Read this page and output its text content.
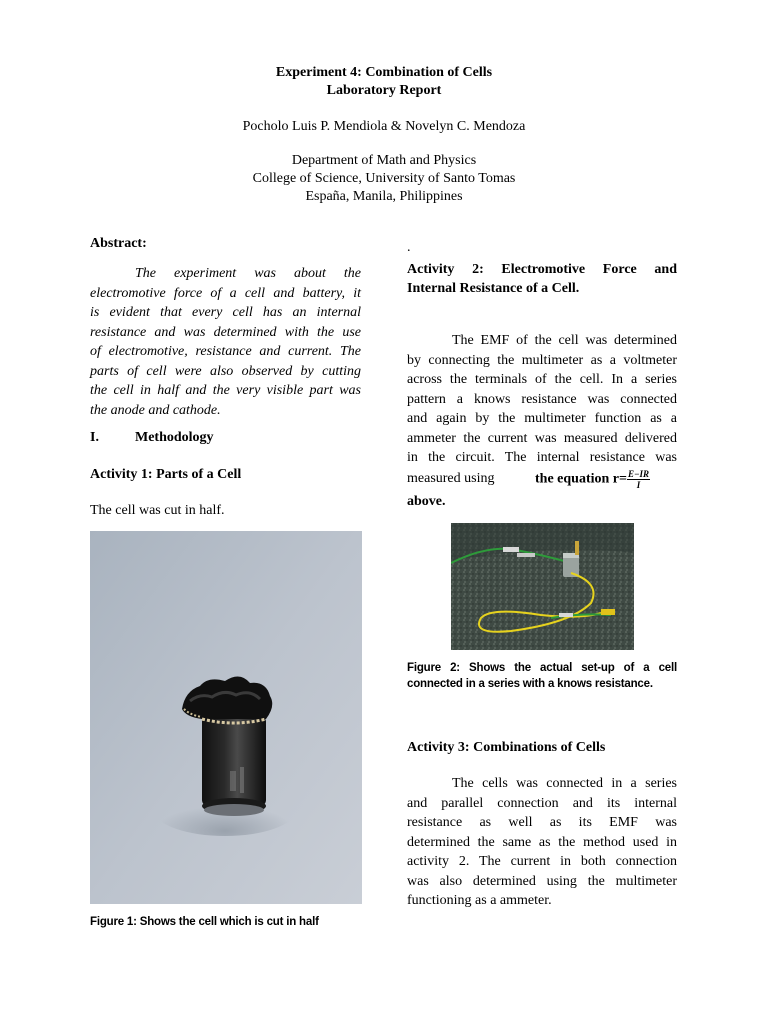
Experiment 4: Combination of Cells
Laboratory Report
Pocholo Luis P. Mendiola & Novelyn C. Mendoza
Department of Math and Physics
College of Science, University of Santo Tomas
España, Manila, Philippines
Abstract:
The experiment was about the
electromotive force of a cell and battery, it
is evident that every cell has an internal
resistance and was determined with the use
of electromotive, resistance and current. The
parts of cell were also observed by cutting
the cell in half and the very visible part was
the anode and cathode.
I.	Methodology
Activity 1: Parts of a Cell
The cell was cut in half.
Figure 1: Shows the cell which is cut in half
.
Activity 2: Electromotive Force and
Internal Resistance of a Cell.
The EMF of the cell was determined
by connecting the multimeter as a voltmeter
across the terminals of the cell. In a series
pattern a knows resistance was connected
and again by the multimeter function as a
ammeter the current was measured delivered
in the circuit. The internal resistance was
measured using	the equation $r= \frac{E-IR}{I}$
above.
Figure 2: Shows the actual set-up of a cell
connected in a series with a knows resistance.
Activity 3: Combinations of Cells
The cells was connected in a series
and parallel connection and its internal
resistance as well as its EMF was
determined the same as the method used in
activity 2. The current in both connection
was also determined using the multimeter
functioning as a ammeter.
